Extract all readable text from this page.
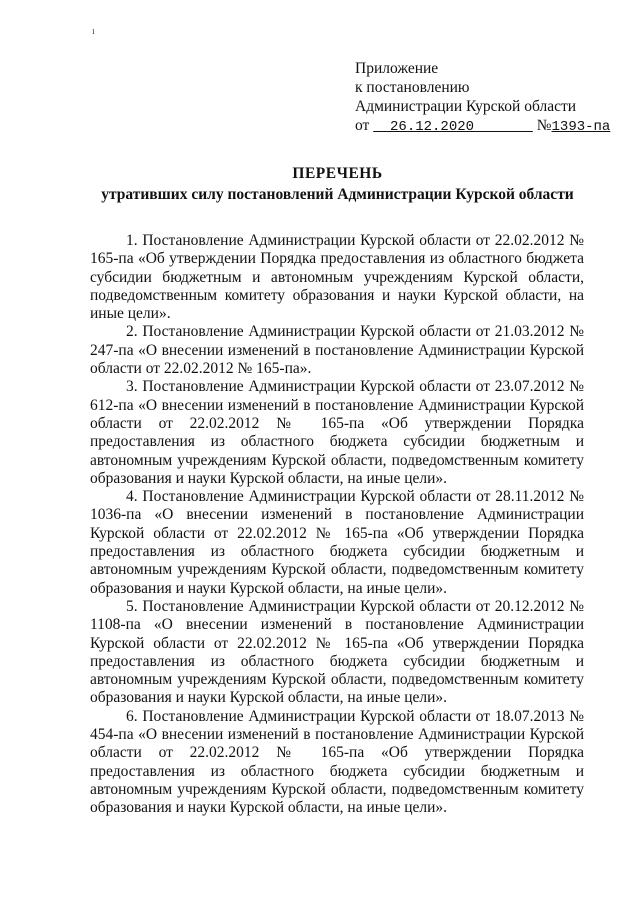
ı
Приложение
к постановлению
Администрации Курской области
от 26.12.2020	№1393-па
ПЕРЕЧЕНЬ
утративших силу постановлений Администрации Курской области

1. Постановление Администрации Курской области от 22.02.2012 № 165-па «Об утверждении Порядка предоставления из областного бюджета субсидии бюджетным и автономным учреждениям Курской области, подведомственным комитету образования и науки Курской области, на иные цели».

2. Постановление Администрации Курской области от 21.03.2012 № 247-па «О внесении изменений в постановление Администрации Курской области от 22.02.2012 № 165-па».

3. Постановление Администрации Курской области от 23.07.2012 № 612-па «О внесении изменений в постановление Администрации Курской области от 22.02.2012 № 165-па «Об утверждении Порядка предоставления из областного бюджета субсидии бюджетным и автономным учреждениям Курской области, подведомственным комитету образования и науки Курской области, на иные цели».

4. Постановление Администрации Курской области от 28.11.2012 № 1036-па «О внесении изменений в постановление Администрации Курской области от 22.02.2012 № 165-па «Об утверждении Порядка предоставления из областного бюджета субсидии бюджетным и автономным учреждениям Курской области, подведомственным комитету образования и науки Курской области, на иные цели».

5. Постановление Администрации Курской области от 20.12.2012 № 1108-па «О внесении изменений в постановление Администрации Курской области от 22.02.2012 № 165-па «Об утверждении Порядка предоставления из областного бюджета субсидии бюджетным и автономным учреждениям Курской области, подведомственным комитету образования и науки Курской области, на иные цели».

6. Постановление Администрации Курской области от 18.07.2013 № 454-па «О внесении изменений в постановление Администрации Курской области от 22.02.2012 № 165-па «Об утверждении Порядка предоставления из областного бюджета субсидии бюджетным и автономным учреждениям Курской области, подведомственным комитету образования и науки Курской области, на иные цели».
